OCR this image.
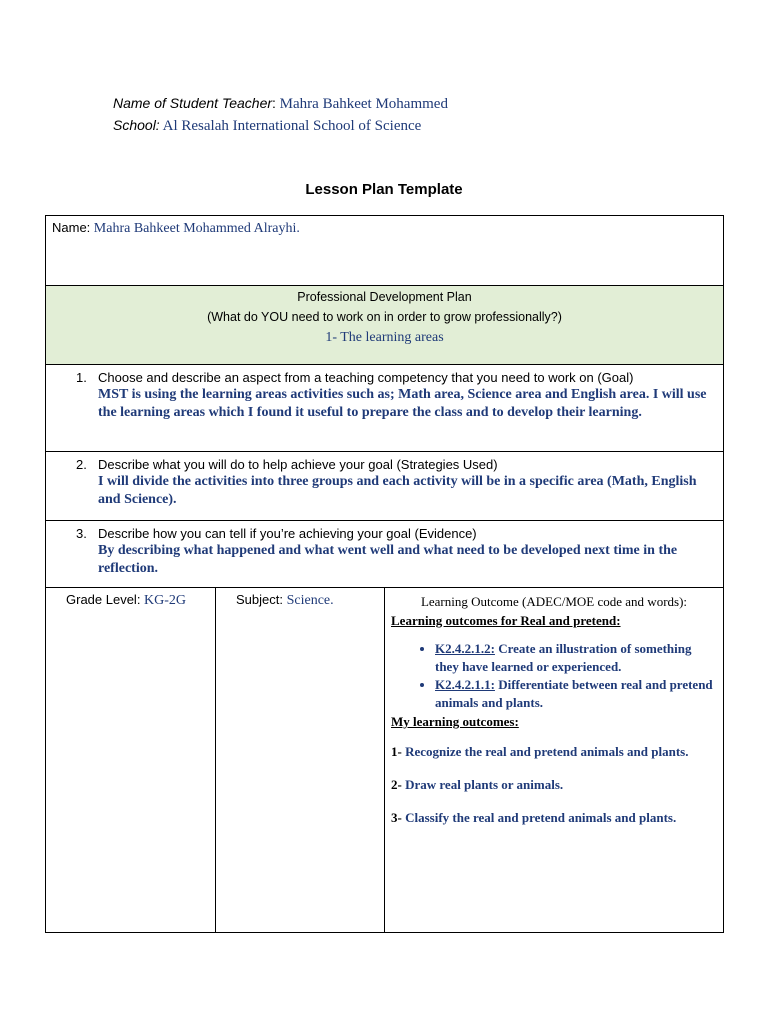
Name of Student Teacher: Mahra Bahkeet Mohammed
School: Al Resalah International School of Science
Lesson Plan Template
Name: Mahra Bahkeet Mohammed Alrayhi.

Professional Development Plan
(What do YOU need to work on in order to grow professionally?)
1- The learning areas

1. Choose and describe an aspect from a teaching competency that you need to work on (Goal)
MST is using the learning areas activities such as; Math area, Science area and English area. I will use the learning areas which I found it useful to prepare the class and to develop their learning.

2. Describe what you will do to help achieve your goal (Strategies Used)
I will divide the activities into three groups and each activity will be in a specific area (Math, English and Science).

3. Describe how you can tell if you’re achieving your goal (Evidence)
By describing what happened and what went well and what need to be developed next time in the reflection.

Grade Level: KG-2G	Subject: Science.	Learning Outcome (ADEC/MOE code and words):
Learning outcomes for Real and pretend:
• K2.4.2.1.2: Create an illustration of something they have learned or experienced.
• K2.4.2.1.1: Differentiate between real and pretend animals and plants.
My learning outcomes:
1- Recognize the real and pretend animals and plants.
2- Draw real plants or animals.
3- Classify the real and pretend animals and plants.
